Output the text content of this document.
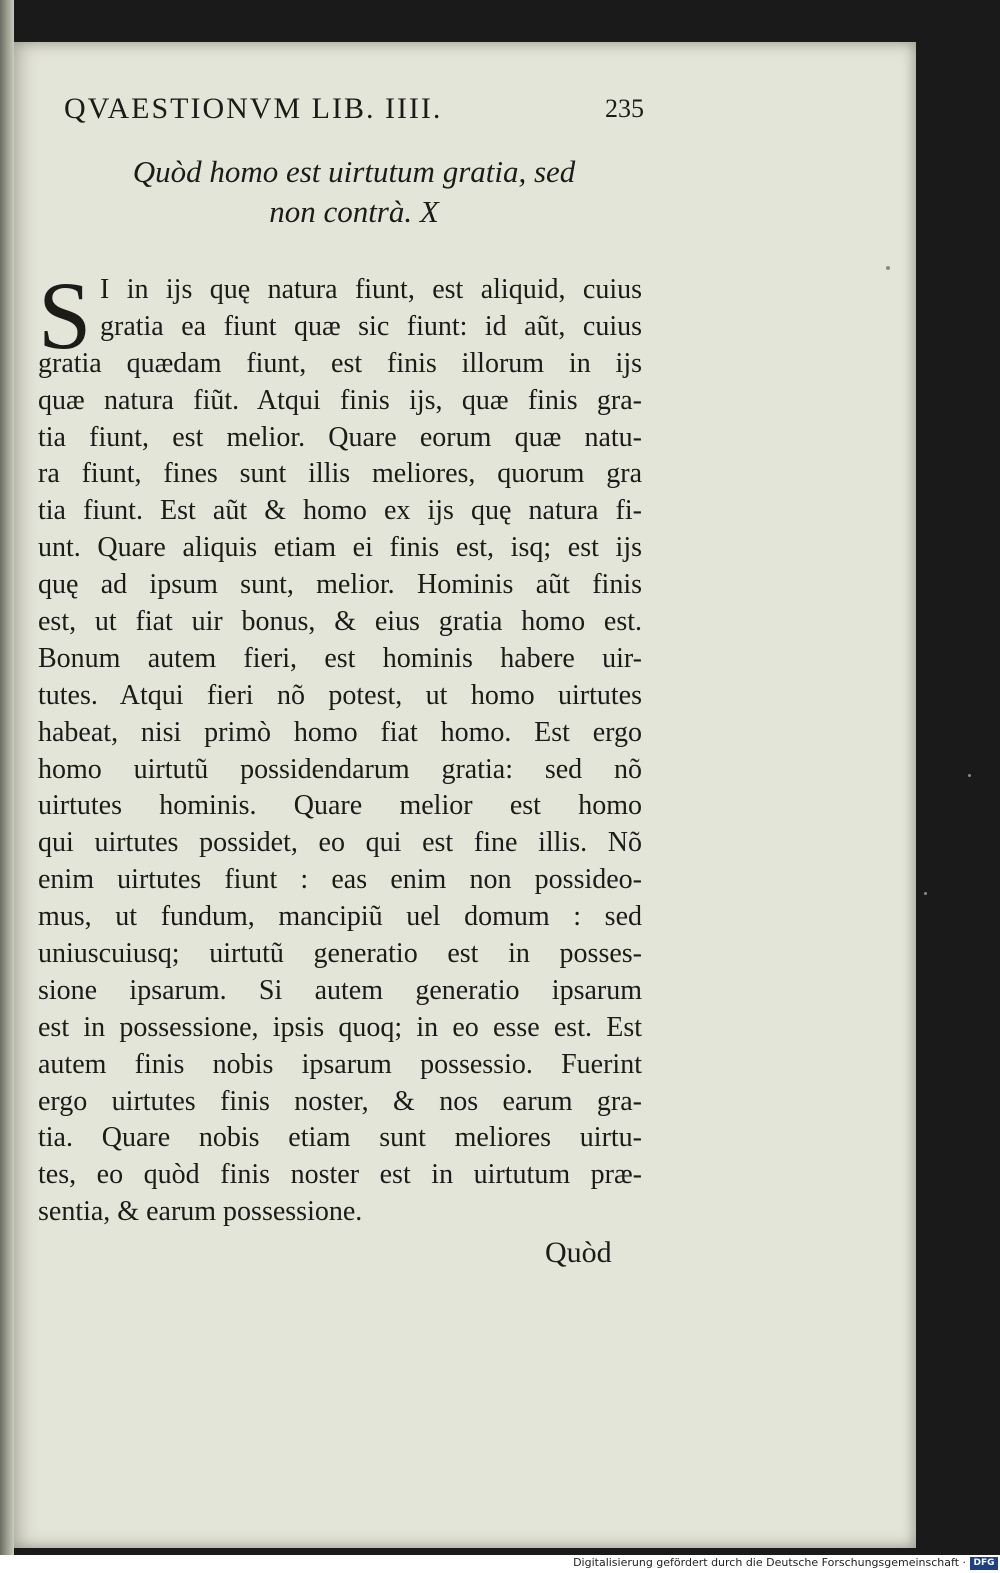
QVAESTIONVM LIB. IIII.	235
Quòd homo est uirtutum gratia, sed
non contrà. X
S I in ijs quę natura fiunt, est aliquid, cuius
gratia ea fiunt quæ sic fiunt: id aũt, cuius
gratia quædam fiunt, est finis illorum in ijs
quæ natura fiũt. Atqui finis ijs, quæ finis gra-
tia fiunt, est melior. Quare eorum quæ natu-
ra fiunt, fines sunt illis meliores, quorum gra
tia fiunt. Est aũt & homo ex ijs quę natura fi-
unt. Quare aliquis etiam ei finis est, isq; est ijs
quę ad ipsum sunt, melior. Hominis aũt finis
est, ut fiat uir bonus, & eius gratia homo est.
Bonum autem fieri, est hominis habere uir-
tutes. Atqui fieri nõ potest, ut homo uirtutes
habeat, nisi primò homo fiat homo. Est ergo
homo uirtutũ possidendarum gratia: sed nõ
uirtutes hominis. Quare melior est homo
qui uirtutes possidet, eo qui est fine illis. Nõ
enim uirtutes fiunt : eas enim non possideo-
mus, ut fundum, mancipiũ uel domum : sed
uniuscuiusq; uirtutũ generatio est in posses-
sione ipsarum. Si autem generatio ipsarum
est in possessione, ipsis quoq; in eo esse est. Est
autem finis nobis ipsarum possessio. Fuerint
ergo uirtutes finis noster, & nos earum gra-
tia. Quare nobis etiam sunt meliores uirtu-
tes, eo quòd finis noster est in uirtutum præ-
sentia, & earum possessione.
Quòd
Digitalisierung gefördert durch die Deutsche Forschungsgemeinschaft · DFG
